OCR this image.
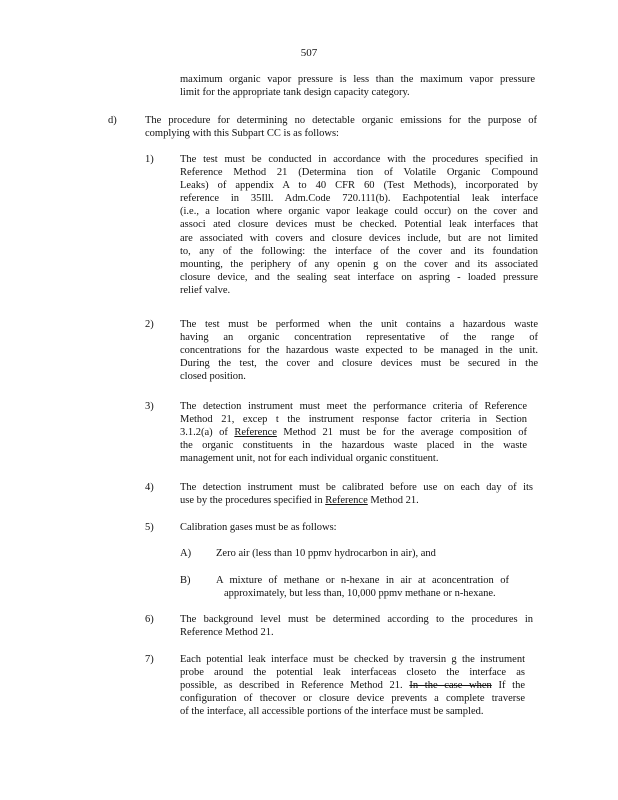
507
maximum organic vapor pressure is less than the maximum vapor pressure
limit for the appropriate tank design capacity category.
d)	The procedure for determining no detectable organic emissions for the purpose of
complying with this Subpart CC is as follows:
1)	The test must be conducted in accordance with the procedures specified in
Reference Method 21 (Determina tion of Volatile Organic Compound
Leaks) of appendix A to 40 CFR 60 (Test Methods), incorporated by
reference in 35Ill. Adm.Code 720.111(b). Eachpotential leak interface
(i.e., a location where organic vapor leakage could occur) on the cover and
associ ated closure devices must be checked. Potential leak interfaces that
are associated with covers and closure devices include, but are not limited
to, any of the following: the interface of the cover and its foundation
mounting, the periphery of any openin g on the cover and its associated
closure device, and the sealing seat interface on aspring - loaded pressure
relief valve.
2)	The test must be performed when the unit contains a hazardous waste
having an organic concentration representative of the range of
concentrations for the hazardous waste expected to be managed in the unit.
During the test, the cover and closure devices must be secured in the
closed position.
3)	The detection instrument must meet the performance criteria of Reference
Method 21, excep t the instrument response factor criteria in Section
3.1.2(a) of Reference Method 21 must be for the average composition of
the organic constituents in the hazardous waste placed in the waste
management unit, not for each individual organic constituent.
4)	The detection instrument must be calibrated before use on each day of its
use by the procedures specified in Reference Method 21.
5)	Calibration gases must be as follows:
A) Zero air (less than 10 ppmv hydrocarbon in air), and
B) A mixture of methane or n-hexane in air at aconcentration of
approximately, but less than, 10,000 ppmv methane or n-hexane.
6)	The background level must be determined according to the procedures in
Reference Method 21.
7)	Each potential leak interface must be checked by traversin g the instrument
probe around the potential leak interfaceas closeto the interface as
possible, as described in Reference Method 21. In the case when If the
configuration of thecover or closure device prevents a complete traverse
of the interface, all accessible portions of the interface must be sampled.
